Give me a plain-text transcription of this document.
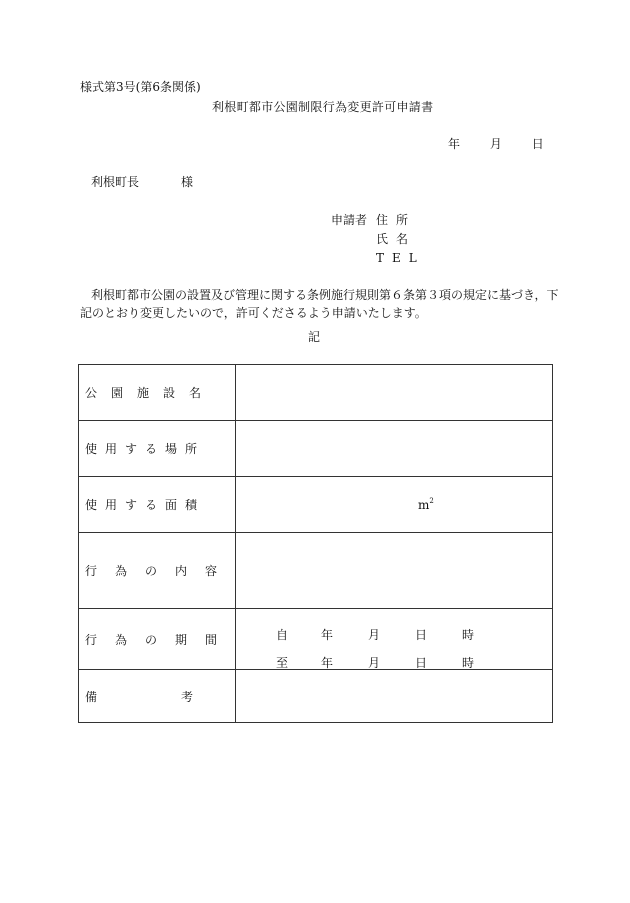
様式第3号(第6条関係)
利根町都市公園制限行為変更許可申請書
年 月 日
利根町長	様
申請者 住所
氏名
TEL

利根町都市公園の設置及び管理に関する条例施行規則第６条第３項の規定に基づき，下記のとおり変更したいので，許可くださるよう申請いたします。

記
公園施設名	

使用する場所	

使用する面積	$m^2$

行為の内容	

行為の期間	自 年 月 日 時
至 年 月 日 時

備 考	
